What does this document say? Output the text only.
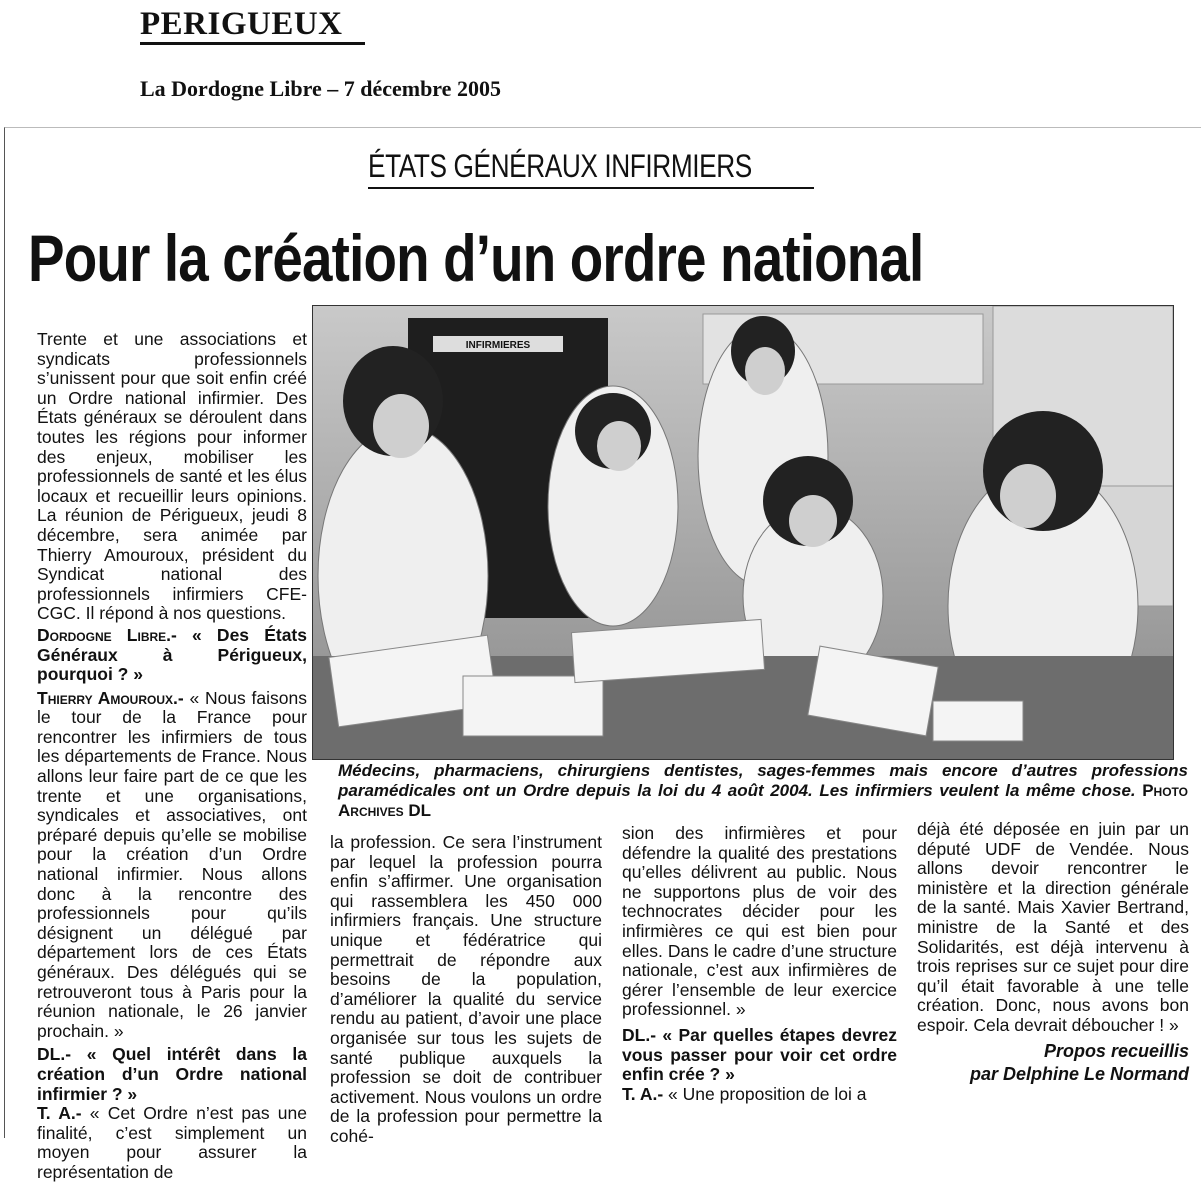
PERIGUEUX
La Dordogne Libre – 7 décembre 2005
ÉTATS GÉNÉRAUX INFIRMIERS
Pour la création d’un ordre national

Trente et une associations et syndicats professionnels s’unissent pour que soit enfin créé un Ordre national infirmier. Des États généraux se déroulent dans toutes les régions pour informer des enjeux, mobiliser les professionnels de santé et les élus locaux et recueillir leurs opinions. La réunion de Périgueux, jeudi 8 décembre, sera animée par Thierry Amouroux, président du Syndicat national des professionnels infirmiers CFE-CGC. Il répond à nos questions.

Dordogne Libre.- « Des États Généraux à Périgueux, pourquoi ? »

Thierry Amouroux.- « Nous faisons le tour de la France pour rencontrer les infirmiers de tous les départements de France. Nous allons leur faire part de ce que les trente et une organisations, syndicales et associatives, ont préparé depuis qu’elle se mobilise pour la création d’un Ordre national infirmier. Nous allons donc à la rencontre des professionnels pour qu’ils désignent un délégué par département lors de ces États généraux. Des délégués qui se retrouveront tous à Paris pour la réunion nationale, le 26 janvier prochain. »

DL.- « Quel intérêt dans la création d’un Ordre national infirmier ? »

T. A.- « Cet Ordre n’est pas une finalité, c’est simplement un moyen pour assurer la représentation de

INFIRMIERES
Médecins, pharmaciens, chirurgiens dentistes, sages-femmes mais encore d’autres professions paramédicales ont un Ordre depuis la loi du 4 août 2004. Les infirmiers veulent la même chose. Photo Archives DL

la profession. Ce sera l’instrument par lequel la profession pourra enfin s’affirmer. Une organisation qui rassemblera les 450 000 infirmiers français. Une structure unique et fédératrice qui permettrait de répondre aux besoins de la population, d’améliorer la qualité du service rendu au patient, d’avoir une place organisée sur tous les sujets de santé publique auxquels la profession se doit de contribuer activement. Nous voulons un ordre de la profession pour permettre la cohé-

sion des infirmières et pour défendre la qualité des prestations qu’elles délivrent au public. Nous ne supportons plus de voir des technocrates décider pour les infirmières ce qui est bien pour elles. Dans le cadre d’une structure nationale, c’est aux infirmières de gérer l’ensemble de leur exercice professionnel. »

DL.- « Par quelles étapes devrez vous passer pour voir cet ordre enfin crée ? »

T. A.- « Une proposition de loi a

déjà été déposée en juin par un député UDF de Vendée. Nous allons devoir rencontrer le ministère et la direction générale de la santé. Mais Xavier Bertrand, ministre de la Santé et des Solidarités, est déjà intervenu à trois reprises sur ce sujet pour dire qu’il était favorable à une telle création. Donc, nous avons bon espoir. Cela devrait déboucher ! »

Propos recueillis
par Delphine Le Normand
